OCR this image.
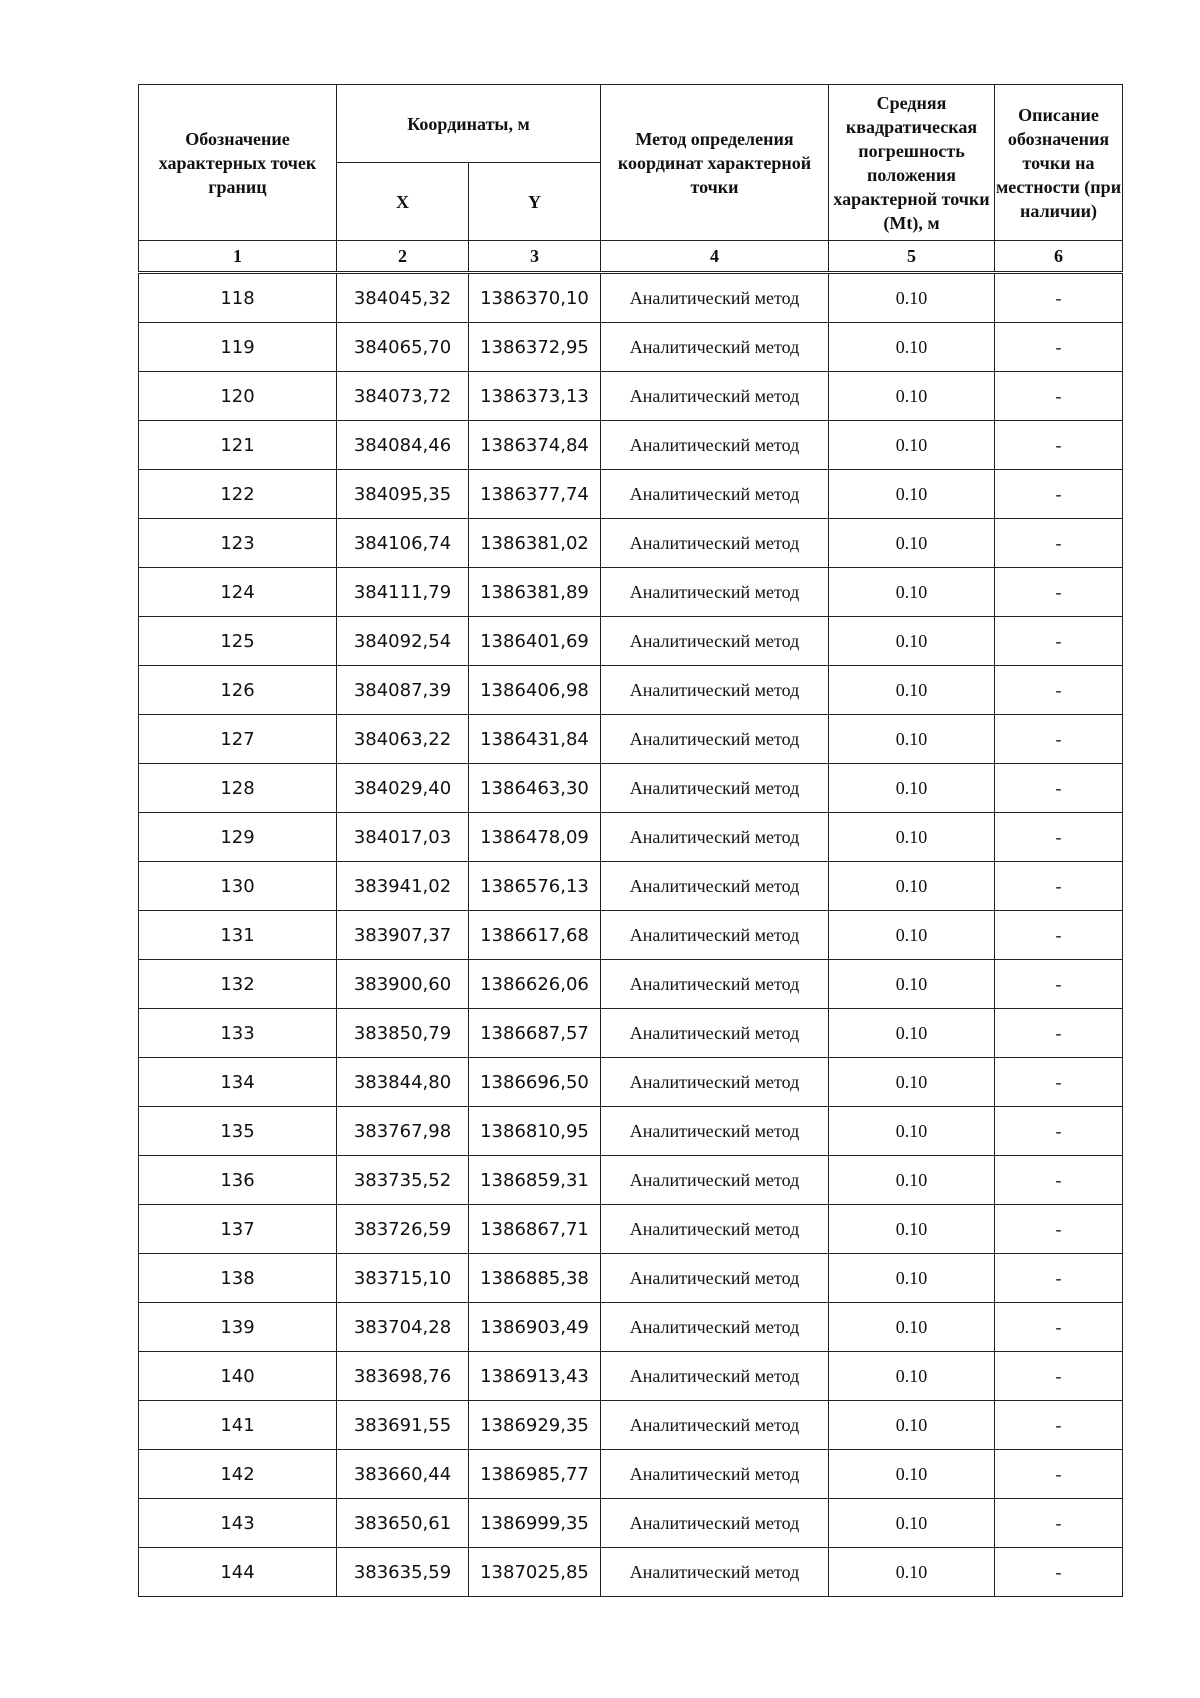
Обозначение характерных точек границ	Координаты, м		Метод определения координат характерной точки	Средняя квадратическая погрешность положения характерной точки (Mt), м	Описание обозначения точки на местности (при наличии)
	X	Y			
1	2	3	4	5	6
118	384045,32	1386370,10	Аналитический метод	0.10	-
119	384065,70	1386372,95	Аналитический метод	0.10	-
120	384073,72	1386373,13	Аналитический метод	0.10	-
121	384084,46	1386374,84	Аналитический метод	0.10	-
122	384095,35	1386377,74	Аналитический метод	0.10	-
123	384106,74	1386381,02	Аналитический метод	0.10	-
124	384111,79	1386381,89	Аналитический метод	0.10	-
125	384092,54	1386401,69	Аналитический метод	0.10	-
126	384087,39	1386406,98	Аналитический метод	0.10	-
127	384063,22	1386431,84	Аналитический метод	0.10	-
128	384029,40	1386463,30	Аналитический метод	0.10	-
129	384017,03	1386478,09	Аналитический метод	0.10	-
130	383941,02	1386576,13	Аналитический метод	0.10	-
131	383907,37	1386617,68	Аналитический метод	0.10	-
132	383900,60	1386626,06	Аналитический метод	0.10	-
133	383850,79	1386687,57	Аналитический метод	0.10	-
134	383844,80	1386696,50	Аналитический метод	0.10	-
135	383767,98	1386810,95	Аналитический метод	0.10	-
136	383735,52	1386859,31	Аналитический метод	0.10	-
137	383726,59	1386867,71	Аналитический метод	0.10	-
138	383715,10	1386885,38	Аналитический метод	0.10	-
139	383704,28	1386903,49	Аналитический метод	0.10	-
140	383698,76	1386913,43	Аналитический метод	0.10	-
141	383691,55	1386929,35	Аналитический метод	0.10	-
142	383660,44	1386985,77	Аналитический метод	0.10	-
143	383650,61	1386999,35	Аналитический метод	0.10	-
144	383635,59	1387025,85	Аналитический метод	0.10	-
